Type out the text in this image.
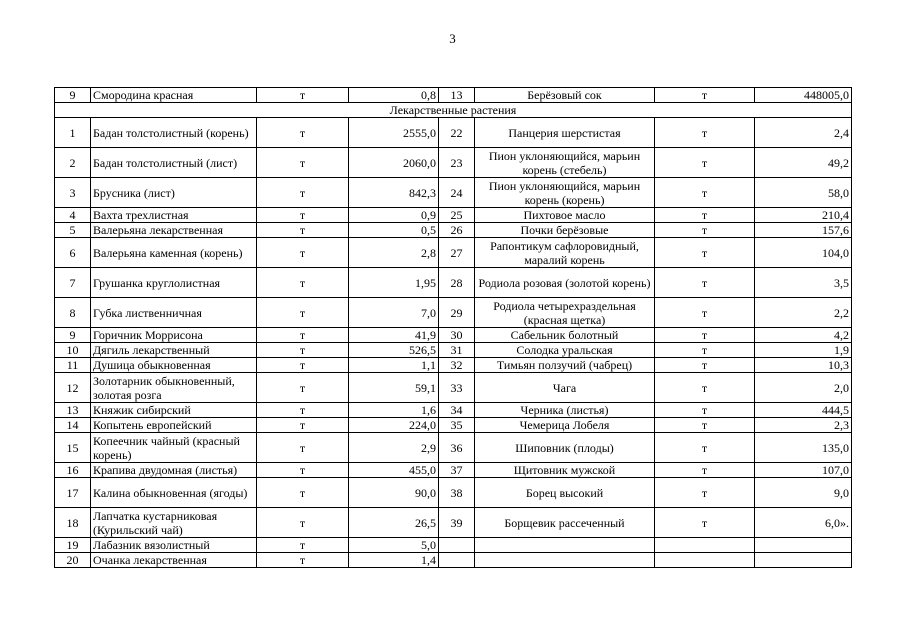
3
9	Смородина красная	т	0,8	13	Берёзовый сок	т	448005,0
Лекарственные растения							
1	Бадан толстолистный (корень)	т	2555,0	22	Панцерия шерстистая	т	2,4
2	Бадан толстолистный (лист)	т	2060,0	23	Пион уклоняющийся, марьин корень (стебель)	т	49,2
3	Брусника (лист)	т	842,3	24	Пион уклоняющийся, марьин корень (корень)	т	58,0
4	Вахта трехлистная	т	0,9	25	Пихтовое масло	т	210,4
5	Валерьяна лекарственная	т	0,5	26	Почки берёзовые	т	157,6
6	Валерьяна каменная (корень)	т	2,8	27	Рапонтикум сафлоровидный, маралий корень	т	104,0
7	Грушанка круглолистная	т	1,95	28	Родиола розовая (золотой корень)	т	3,5
8	Губка лиственничная	т	7,0	29	Родиола четырехраздельная (красная щетка)	т	2,2
9	Горичник Моррисона	т	41,9	30	Сабельник болотный	т	4,2
10	Дягиль лекарственный	т	526,5	31	Солодка уральская	т	1,9
11	Душица обыкновенная	т	1,1	32	Тимьян ползучий (чабрец)	т	10,3
12	Золотарник обыкновенный, золотая розга	т	59,1	33	Чага	т	2,0
13	Княжик сибирский	т	1,6	34	Черника (листья)	т	444,5
14	Копытень европейский	т	224,0	35	Чемерица Лобеля	т	2,3
15	Копеечник чайный (красный корень)	т	2,9	36	Шиповник (плоды)	т	135,0
16	Крапива двудомная (листья)	т	455,0	37	Щитовник мужской	т	107,0
17	Калина обыкновенная (ягоды)	т	90,0	38	Борец высокий	т	9,0
18	Лапчатка кустарниковая (Курильский чай)	т	26,5	39	Борщевик рассеченный	т	6,0».
19	Лабазник вязолистный	т	5,0				
20	Очанка лекарственная	т	1,4				
